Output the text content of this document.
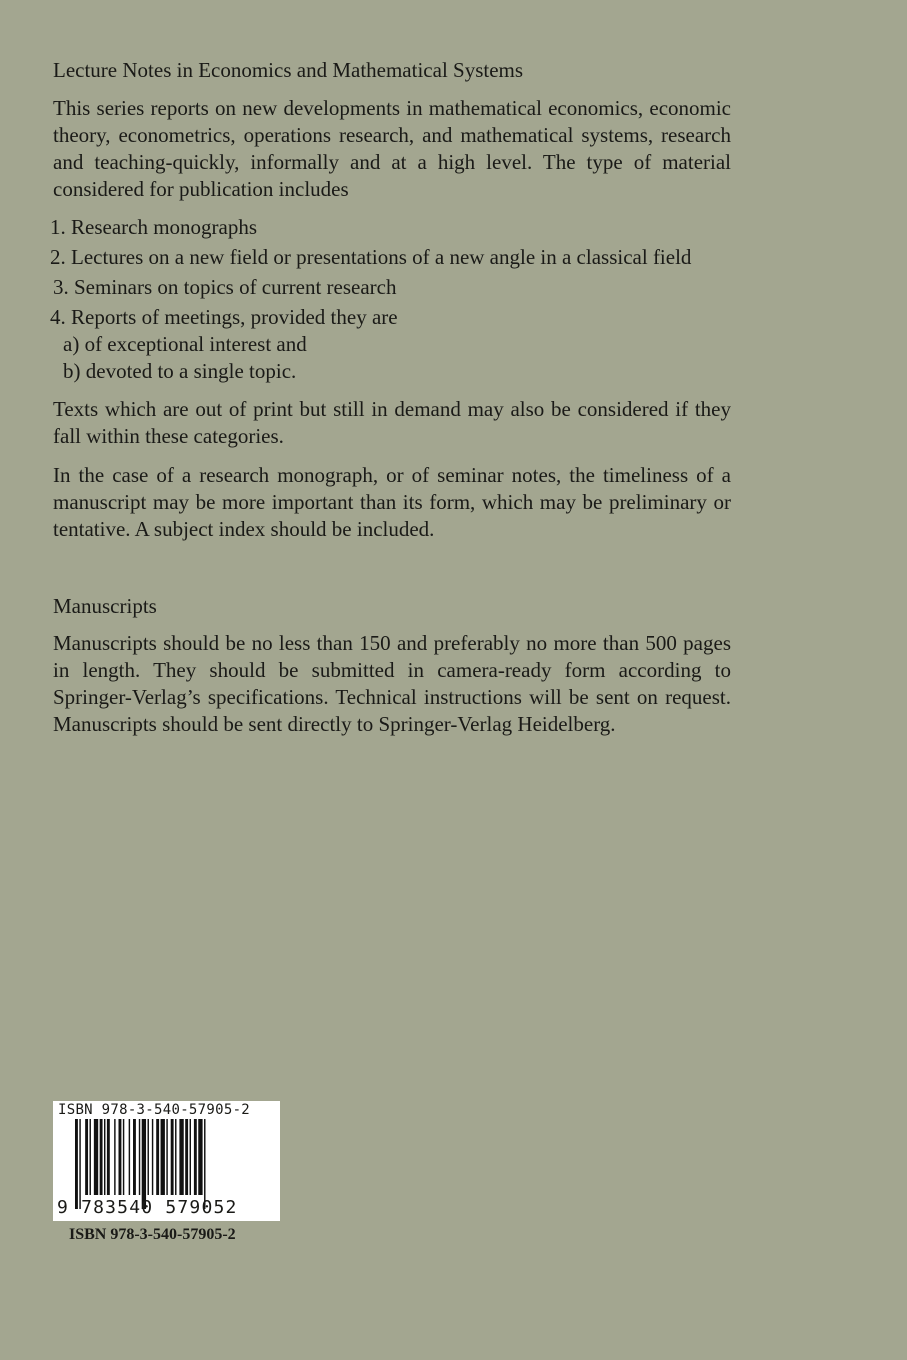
Lecture Notes in Economics and Mathematical Systems
This series reports on new developments in mathematical economics, economic theory, econometrics, operations research, and mathematical systems, research and teaching-quickly, informally and at a high level. The type of material considered for publication includes
1. Research monographs
2. Lectures on a new field or presentations of a new angle in a classical field
3. Seminars on topics of current research
4. Reports of meetings, provided they are
a) of exceptional interest and
b) devoted to a single topic.
Texts which are out of print but still in demand may also be considered if they fall within these categories.
In the case of a research monograph, or of seminar notes, the timeliness of a manuscript may be more important than its form, which may be preliminary or tentative. A subject index should be included.
Manuscripts
Manuscripts should be no less than 150 and preferably no more than 500 pages in length. They should be submitted in camera-ready form according to Springer-Verlag’s specifications. Technical instructions will be sent on request. Manuscripts should be sent directly to Springer-Verlag Heidelberg.
ISBN 978-3-540-57905-2
9 783540 579052
ISBN 978-3-540-57905-2
